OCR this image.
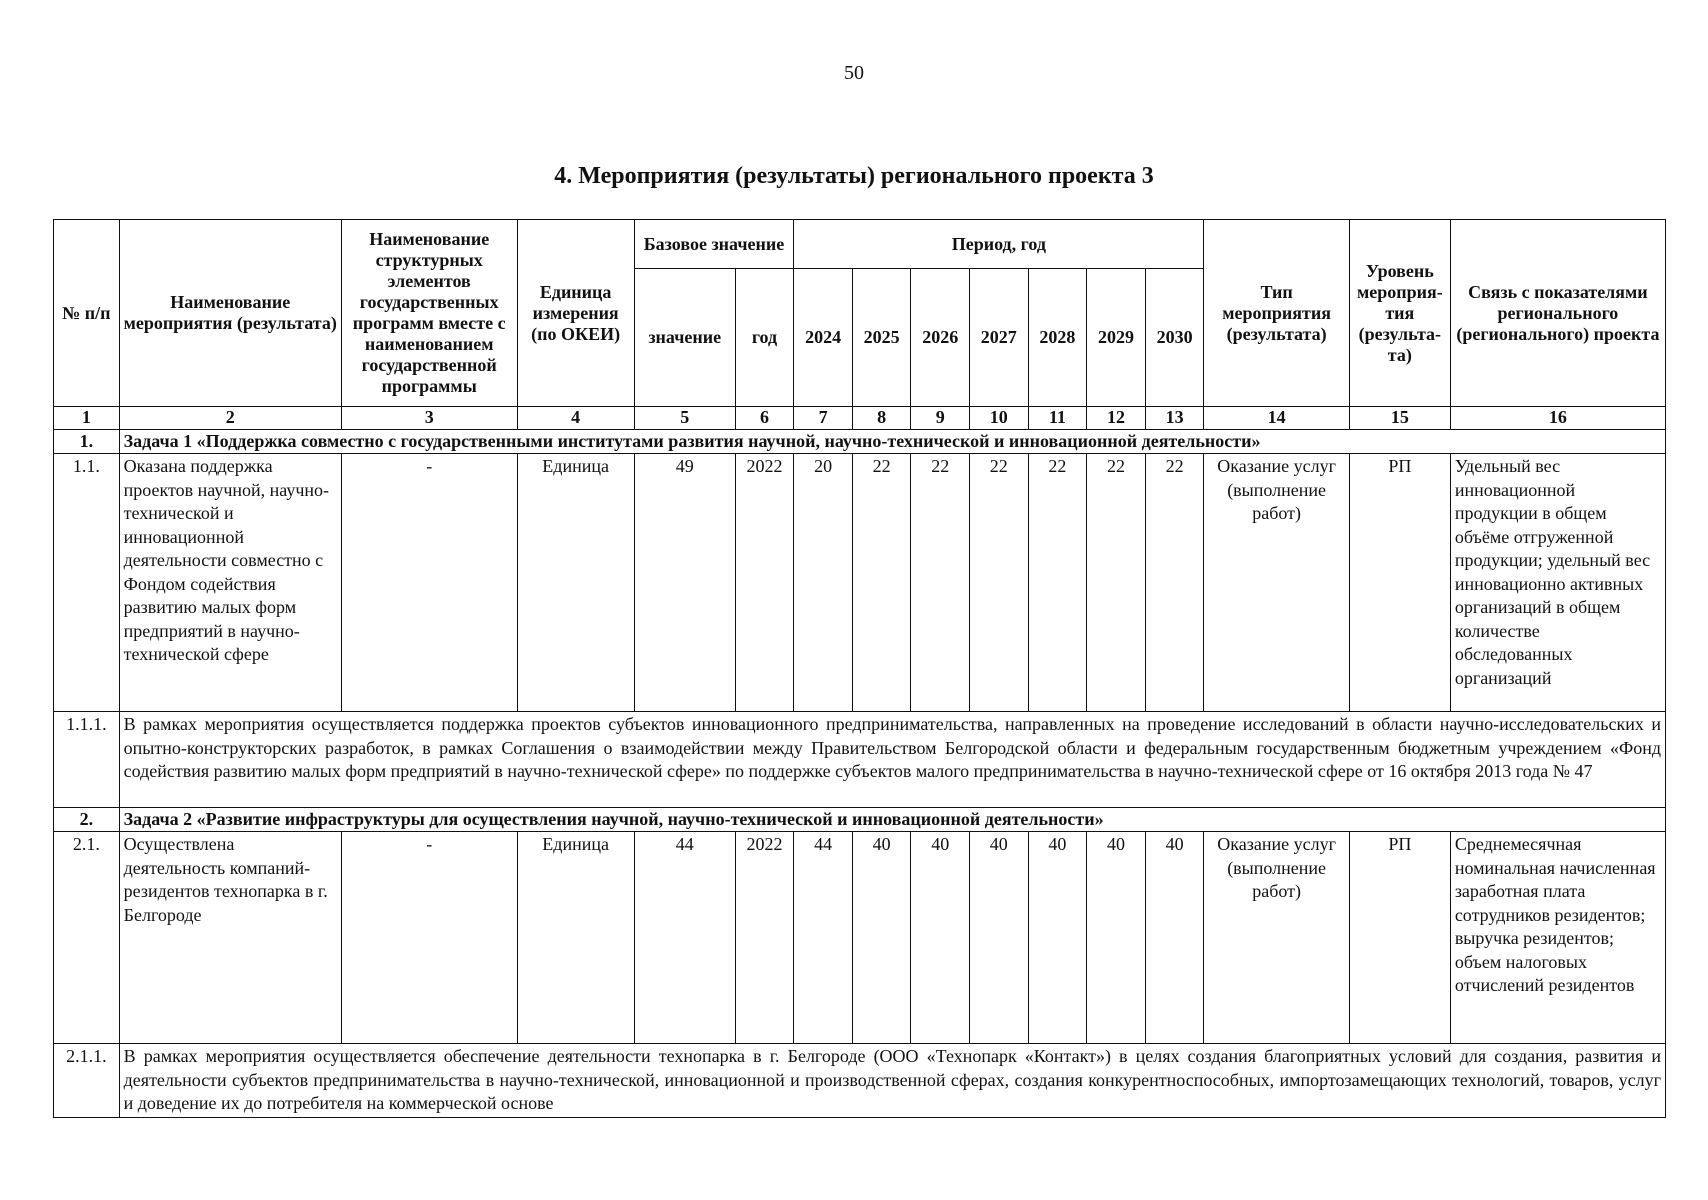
50
4. Мероприятия (результаты) регионального проекта 3
№ п/п	Наименование мероприятия (результата)	Наименование структурных элементов государственных программ вместе с наименованием государственной программы	Единица измерения (по ОКЕИ)	Базовое значение		Период, год							Тип мероприятия (результата)	Уровень мероприя-тия (результа-та)	Связь с показателями регионального (регионального) проекта
				значение	год	2024	2025	2026	2027	2028	2029	2030			
1	2	3	4	5	6	7	8	9	10	11	12	13	14	15	16
1.	Задача 1 «Поддержка совместно с государственными институтами развития научной, научно-технической и инновационной деятельности»														
1.1.	Оказана поддержка проектов научной, научно-технической и инновационной деятельности совместно с Фондом содействия развитию малых форм предприятий в научно-технической сфере	-	Единица	49	2022	20	22	22	22	22	22	22	Оказание услуг (выполнение работ)	РП	Удельный вес инновационной продукции в общем объёме отгруженной продукции; удельный вес инновационно активных организаций в общем количестве обследованных организаций
1.1.1.	В рамках мероприятия осуществляется поддержка проектов субъектов инновационного предпринимательства, направленных на проведение исследований в области научно-исследовательских и опытно-конструкторских разработок, в рамках Соглашения о взаимодействии между Правительством Белгородской области и федеральным государственным бюджетным учреждением «Фонд содействия развитию малых форм предприятий в научно-технической сфере» по поддержке субъектов малого предпринимательства в научно-технической сфере от 16 октября 2013 года № 47														
2.	Задача 2 «Развитие инфраструктуры для осуществления научной, научно-технической и инновационной деятельности»														
2.1.	Осуществлена деятельность компаний-резидентов технопарка в г. Белгороде	-	Единица	44	2022	44	40	40	40	40	40	40	Оказание услуг (выполнение работ)	РП	Среднемесячная номинальная начисленная заработная плата сотрудников резидентов; выручка резидентов; объем налоговых отчислений резидентов
2.1.1.	В рамках мероприятия осуществляется обеспечение деятельности технопарка в г. Белгороде (ООО «Технопарк «Контакт») в целях создания благоприятных условий для создания, развития и деятельности субъектов предпринимательства в научно-технической, инновационной и производственной сферах, создания конкурентноспособных, импортозамещающих технологий, товаров, услуг и доведение их до потребителя на коммерческой основе														
